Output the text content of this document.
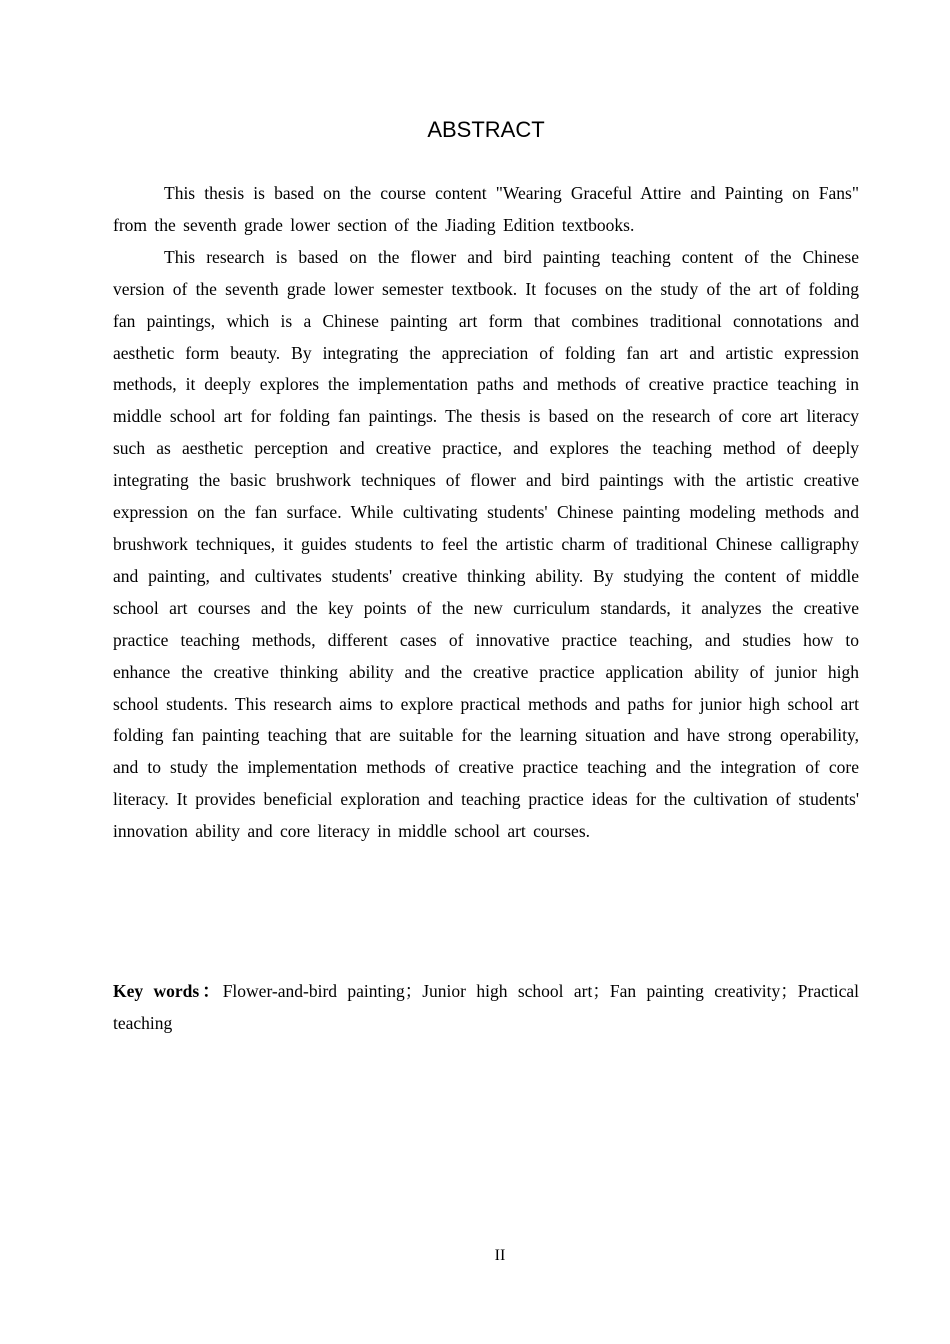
ABSTRACT

This thesis is based on the course content "Wearing Graceful Attire and Painting on Fans" from the seventh grade lower section of the Jiading Edition textbooks.

This research is based on the flower and bird painting teaching content of the Chinese version of the seventh grade lower semester textbook. It focuses on the study of the art of folding fan paintings, which is a Chinese painting art form that combines traditional connotations and aesthetic form beauty. By integrating the appreciation of folding fan art and artistic expression methods, it deeply explores the implementation paths and methods of creative practice teaching in middle school art for folding fan paintings. The thesis is based on the research of core art literacy such as aesthetic perception and creative practice, and explores the teaching method of deeply integrating the basic brushwork techniques of flower and bird paintings with the artistic creative expression on the fan surface. While cultivating students' Chinese painting modeling methods and brushwork techniques, it guides students to feel the artistic charm of traditional Chinese calligraphy and painting, and cultivates students' creative thinking ability. By studying the content of middle school art courses and the key points of the new curriculum standards, it analyzes the creative practice teaching methods, different cases of innovative practice teaching, and studies how to enhance the creative thinking ability and the creative practice application ability of junior high school students. This research aims to explore practical methods and paths for junior high school art folding fan painting teaching that are suitable for the learning situation and have strong operability, and to study the implementation methods of creative practice teaching and the integration of core literacy. It provides beneficial exploration and teaching practice ideas for the cultivation of students' innovation ability and core literacy in middle school art courses.

Key words：Flower-and-bird painting；Junior high school art；Fan painting creativity；Practical teaching

II
